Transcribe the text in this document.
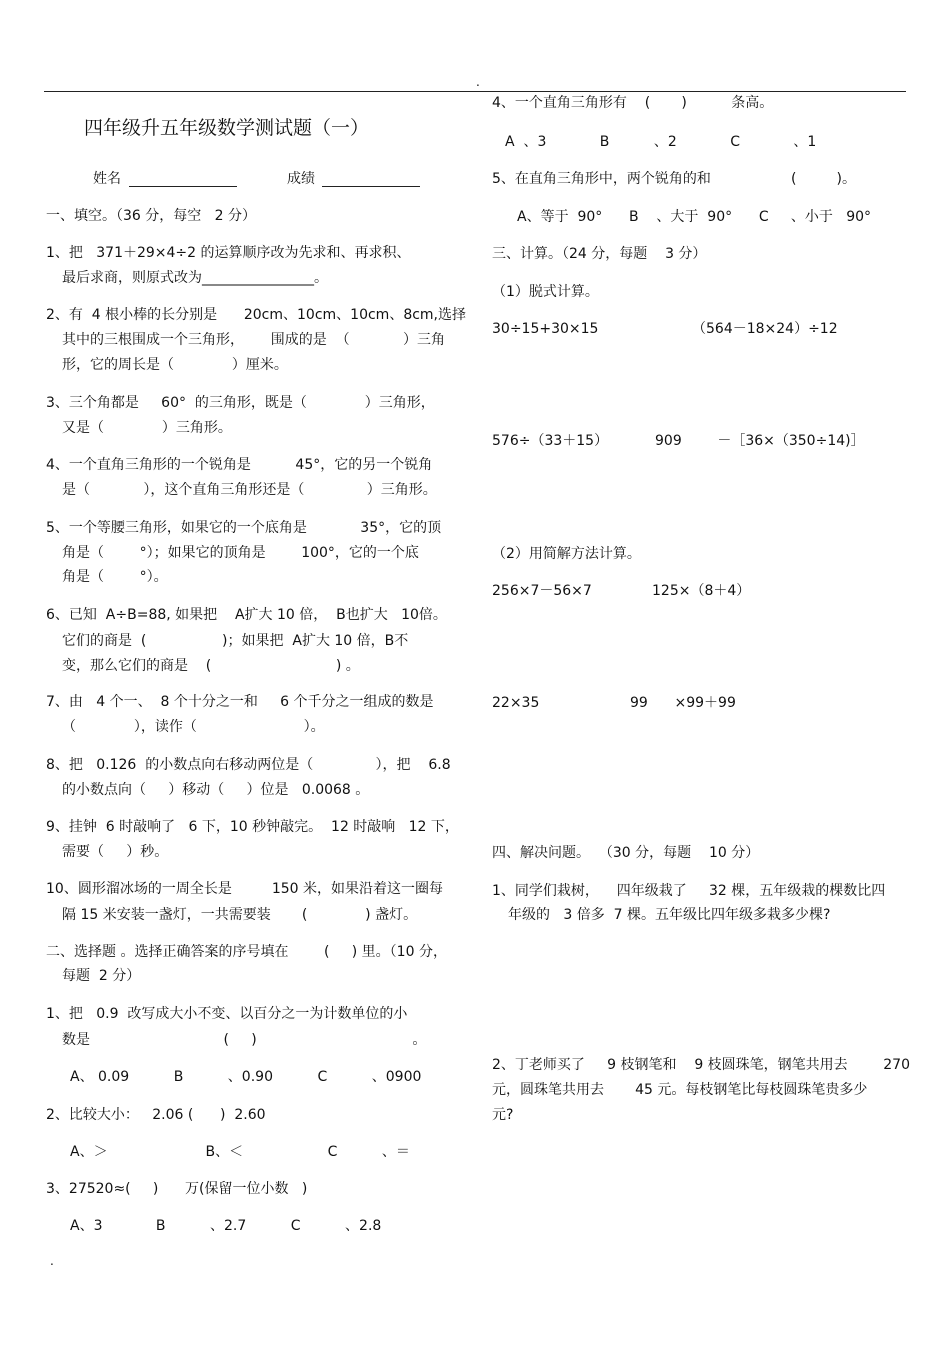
.
四年级升五年级数学测试题（一）
姓名	成绩
一、填空。（36 分，每空   2 分）
1、把   371＋29×4÷2 的运算顺序改为先求和、再求积、
最后求商，则原式改为________________。
2、有  4 根小棒的长分别是      20cm、10cm、10cm、8cm,选择
其中的三根围成一个三角形，      围成的是  （            ）三角
形，它的周长是（             ）厘米。
3、三个角都是     60°  的三角形，既是（             ）三角形，
又是（             ）三角形。
4、一个直角三角形的一个锐角是          45°，它的另一个锐角
是（            ），这个直角三角形还是（              ）三角形。
5、一个等腰三角形，如果它的一个底角是            35°，它的顶
角是（        °）；如果它的顶角是        100°，它的一个底
角是（        °）。
6、已知  A÷B=88, 如果把    A扩大 10 倍，  B也扩大   10倍。
它们的商是  (                 )；如果把  A扩大 10 倍，B不
变，那么它们的商是    (                            ) 。
7、由   4 个一、  8 个十分之一和     6 个千分之一组成的数是
（             ），读作（                        ）。
8、把   0.126  的小数点向右移动两位是（              ），把    6.8
的小数点向（     ）移动（     ）位是   0.0068 。
9、挂钟  6 时敲响了   6 下，10 秒钟敲完。  12 时敲响   12 下，
需要（     ）秒。
10、圆形溜冰场的一周全长是         150 米，如果沿着这一圈每
隔 15 米安装一盏灯，一共需要装       (             ) 盏灯。
二、选择题 。选择正确答案的序号填在        (     ) 里。（10 分，
每题  2 分）
1、把   0.9  改写成大小不变、以百分之一为计数单位的小
数是                              (     )                                   。
A、 0.09          B          、0.90          C          、0900
2、比较大小：   2.06 (      )  2.60
A、＞                      B、＜                   C          、＝
3、27520≈(     )      万(保留一位小数   )
A、3            B          、2.7          C          、2.8
4、一个直角三角形有    (       )          条高。
A  、3            B          、2            C            、1
5、在直角三角形中，两个锐角的和                  (         )。
A、等于  90°      B    、大于  90°      C     、小于   90°
三、计算。（24 分，每题    3 分）
（1）脱式计算。
30÷15+30×15	（564－18×24）÷12
576÷（33＋15）	909        －［36×（350÷14)］
（2）用简解方法计算。
256×7－56×7	125×（8＋4）
22×35	99      ×99＋99
四、解决问题。  （30 分，每题    10 分）
1、同学们栽树，    四年级栽了     32 棵，五年级栽的棵数比四
年级的   3 倍多  7 棵。五年级比四年级多栽多少棵?
2、丁老师买了     9 枝钢笔和    9 枝圆珠笔，钢笔共用去        270
元，圆珠笔共用去       45 元。每枝钢笔比每枝圆珠笔贵多少
元?
.
